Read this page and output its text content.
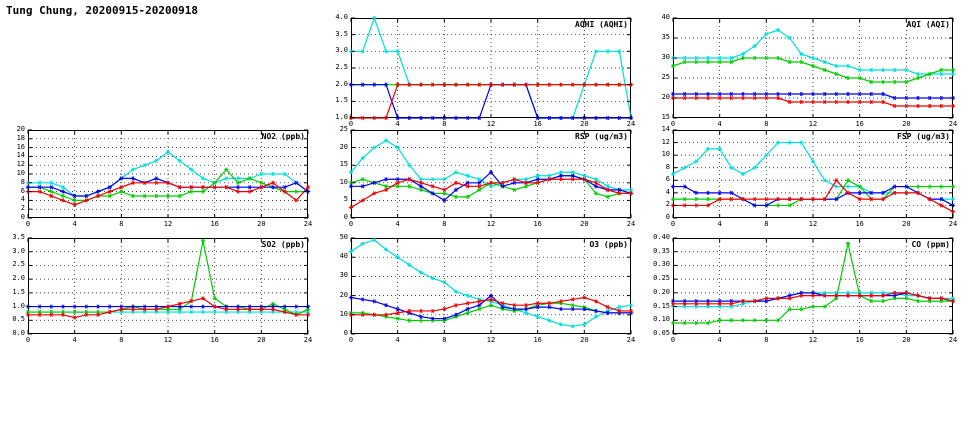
Tung Chung, 20200915-20200918
AQHI (AQHI)
1.0
1.5
2.0
2.5
3.0
3.5
4.0
0	4	8	12	16	20	24
AQI (AQI)
15
20
25
30
35
40
0	4	8	12	16	20	24
NO2 (ppb)
0
2
4
6
8
10
12
14
16
18
20
0	4	8	12	16	20	24
RSP (ug/m3)
0
5
10
15
20
25
0	4	8	12	16	20	24
FSP (ug/m3)
0
2
4
6
8
10
12
14
0	4	8	12	16	20	24
SO2 (ppb)
0.0
0.5
1.0
1.5
2.0
2.5
3.0
3.5
0	4	8	12	16	20	24
O3 (ppb)
0
10
20
30
40
50
0	4	8	12	16	20	24
CO (ppm)
0.05
0.10
0.15
0.20
0.25
0.30
0.35
0.40
0	4	8	12	16	20	24
